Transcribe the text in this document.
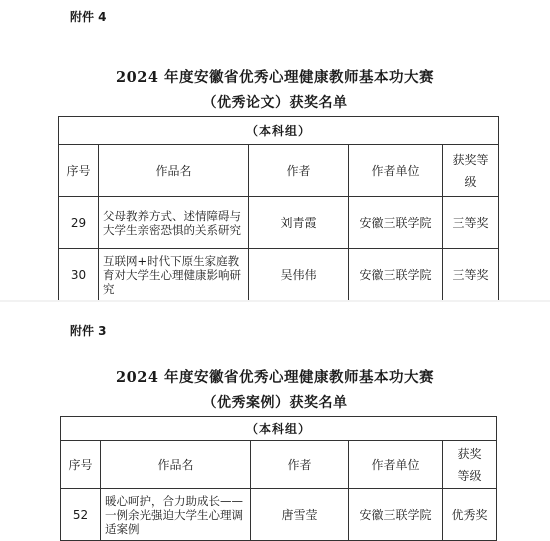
附件 4
2024 年度安徽省优秀心理健康教师基本功大赛
（优秀论文）获奖名单
（本科组）				
序号	作品名	作者	作者单位	获奖等
级

29	父母教养方式、述情障碍与大学生亲密恐惧的关系研究	刘青霞	安徽三联学院	三等奖
30	互联网+时代下原生家庭教育对大学生心理健康影响研究	吴伟伟	安徽三联学院	三等奖
附件 3
2024 年度安徽省优秀心理健康教师基本功大赛
（优秀案例）获奖名单
（本科组）				
序号	作品名	作者	作者单位	获奖
等级

52	暖心呵护，合力助成长—— 一例余光强迫大学生心理调适案例	唐雪莹	安徽三联学院	优秀奖
